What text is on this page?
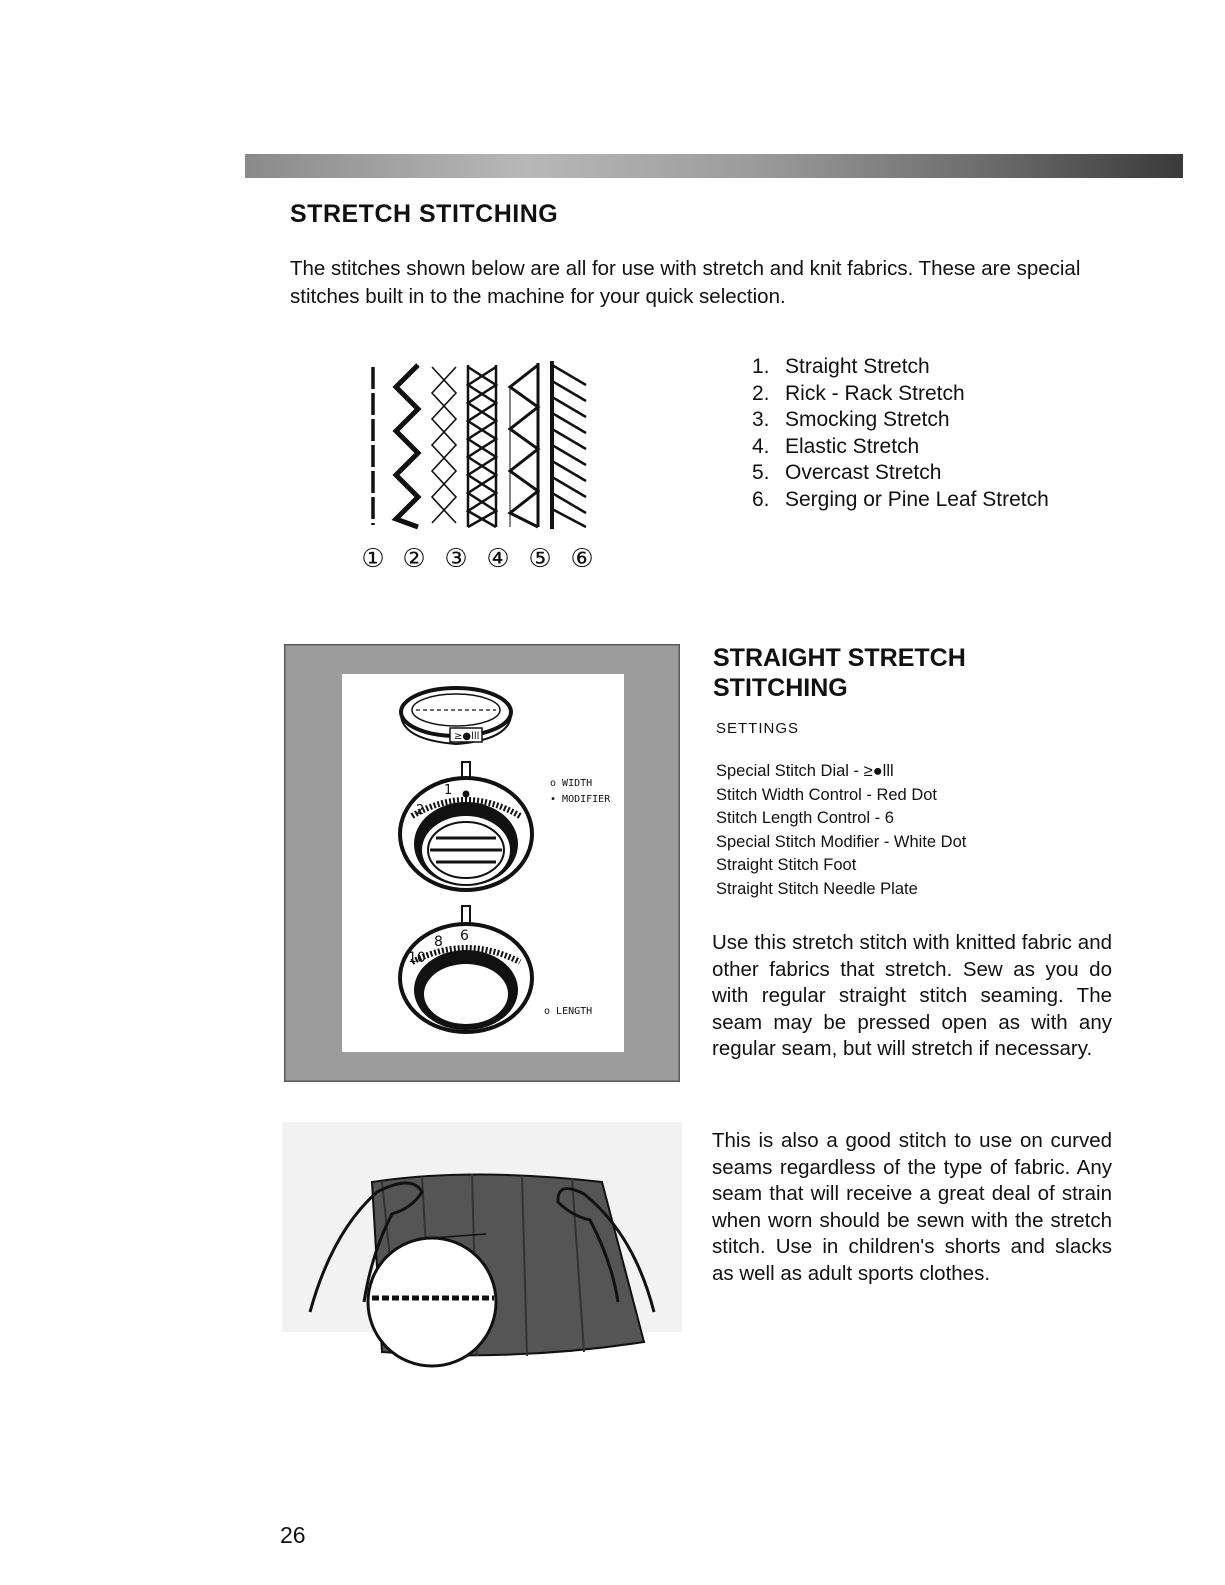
STRETCH STITCHING

The stitches shown below are all for use with stretch and knit fabrics. These are special stitches built in to the machine for your quick selection.

① ② ③ ④ ⑤ ⑥
1. Straight Stretch
2. Rick - Rack Stretch
3. Smocking Stretch
4. Elastic Stretch
5. Overcast Stretch
6. Serging or Pine Leaf Stretch
≥●lll
2
1	o WIDTH
• MODIFIER
o LENGTH
10
8 6
STRAIGHT STRETCH STITCHING

SETTINGS

Special Stitch Dial - ≥●lll
Stitch Width Control - Red Dot
Stitch Length Control - 6
Special Stitch Modifier - White Dot
Straight Stitch Foot
Straight Stitch Needle Plate

Use this stretch stitch with knitted fabric and other fabrics that stretch. Sew as you do with regular straight stitch seaming. The seam may be pressed open as with any regular seam, but will stretch if necessary.

This is also a good stitch to use on curved seams regardless of the type of fabric. Any seam that will receive a great deal of strain when worn should be sewn with the stretch stitch. Use in children's shorts and slacks as well as adult sports clothes.

26
